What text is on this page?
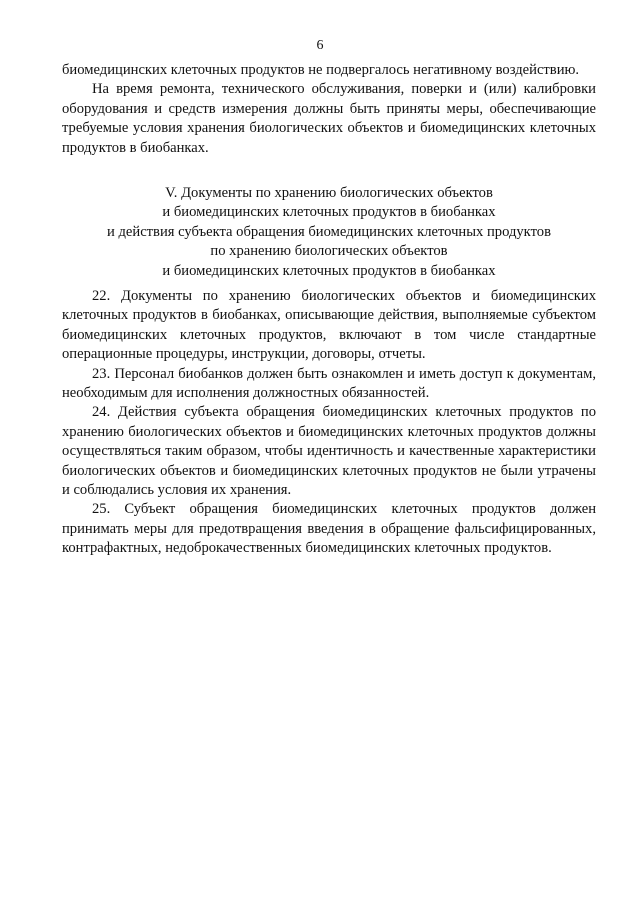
6

биомедицинских клеточных продуктов не подвергалось негативному воздействию.

На время ремонта, технического обслуживания, поверки и (или) калибровки оборудования и средств измерения должны быть приняты меры, обеспечивающие требуемые условия хранения биологических объектов и биомедицинских клеточных продуктов в биобанках.

V. Документы по хранению биологических объектов
и биомедицинских клеточных продуктов в биобанках
и действия субъекта обращения биомедицинских клеточных продуктов
по хранению биологических объектов
и биомедицинских клеточных продуктов в биобанках

22. Документы по хранению биологических объектов и биомедицинских клеточных продуктов в биобанках, описывающие действия, выполняемые субъектом биомедицинских клеточных продуктов, включают в том числе стандартные операционные процедуры, инструкции, договоры, отчеты.

23. Персонал биобанков должен быть ознакомлен и иметь доступ к документам, необходимым для исполнения должностных обязанностей.

24. Действия субъекта обращения биомедицинских клеточных продуктов по хранению биологических объектов и биомедицинских клеточных продуктов должны осуществляться таким образом, чтобы идентичность и качественные характеристики биологических объектов и биомедицинских клеточных продуктов не были утрачены и соблюдались условия их хранения.

25. Субъект обращения биомедицинских клеточных продуктов должен принимать меры для предотвращения введения в обращение фальсифицированных, контрафактных, недоброкачественных биомедицинских клеточных продуктов.
